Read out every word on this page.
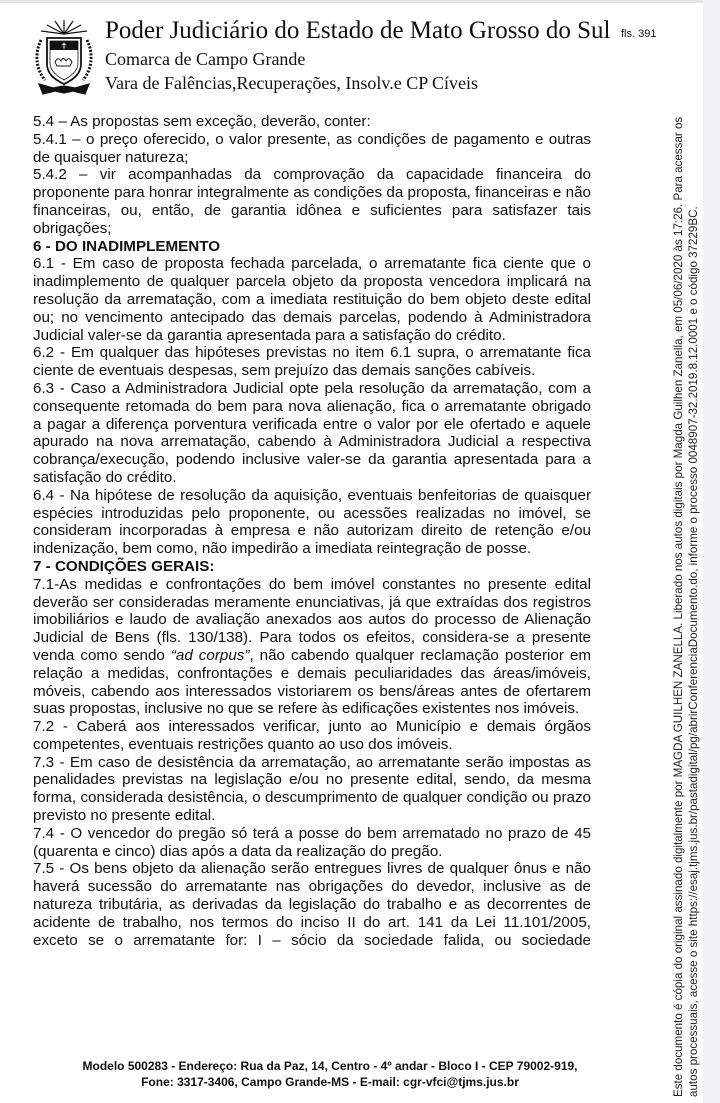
Poder Judiciário do Estado de Mato Grosso do Sul
Comarca de Campo Grande
Vara de Falências,Recuperações, Insolv.e CP Cíveis
fls. 391

5.4 – As propostas sem exceção, deverão, conter:

5.4.1 – o preço oferecido, o valor presente, as condições de pagamento e outras de quaisquer natureza;

5.4.2 – vir acompanhadas da comprovação da capacidade financeira do proponente para honrar integralmente as condições da proposta, financeiras e não financeiras, ou, então, de garantia idônea e suficientes para satisfazer tais obrigações;

6 - DO INADIMPLEMENTO

6.1 - Em caso de proposta fechada parcelada, o arrematante fica ciente que o inadimplemento de qualquer parcela objeto da proposta vencedora implicará na resolução da arrematação, com a imediata restituição do bem objeto deste edital ou; no vencimento antecipado das demais parcelas, podendo à Administradora Judicial valer-se da garantia apresentada para a satisfação do crédito.

6.2 - Em qualquer das hipóteses previstas no item 6.1 supra, o arrematante fica ciente de eventuais despesas, sem prejuízo das demais sanções cabíveis.

6.3 - Caso a Administradora Judicial opte pela resolução da arrematação, com a consequente retomada do bem para nova alienação, fica o arrematante obrigado a pagar a diferença porventura verificada entre o valor por ele ofertado e aquele apurado na nova arrematação, cabendo à Administradora Judicial a respectiva cobrança/execução, podendo inclusive valer-se da garantia apresentada para a satisfação do crédito.

6.4 - Na hipótese de resolução da aquisição, eventuais benfeitorias de quaisquer espécies introduzidas pelo proponente, ou acessões realizadas no imóvel, se consideram incorporadas à empresa e não autorizam direito de retenção e/ou indenização, bem como, não impedirão a imediata reintegração de posse.

7 - CONDIÇÕES GERAIS:

7.1-As medidas e confrontações do bem imóvel constantes no presente edital deverão ser consideradas meramente enunciativas, já que extraídas dos registros imobiliários e laudo de avaliação anexados aos autos do processo de Alienação Judicial de Bens (fls. 130/138). Para todos os efeitos, considera-se a presente venda como sendo “ad corpus”, não cabendo qualquer reclamação posterior em relação a medidas, confrontações e demais peculiaridades das áreas/imóveis, móveis, cabendo aos interessados vistoriarem os bens/áreas antes de ofertarem suas propostas, inclusive no que se refere às edificações existentes nos imóveis.

7.2 - Caberá aos interessados verificar, junto ao Município e demais órgãos competentes, eventuais restrições quanto ao uso dos imóveis.

7.3 - Em caso de desistência da arrematação, ao arrematante serão impostas as penalidades previstas na legislação e/ou no presente edital, sendo, da mesma forma, considerada desistência, o descumprimento de qualquer condição ou prazo previsto no presente edital.

7.4 - O vencedor do pregão só terá a posse do bem arrematado no prazo de 45 (quarenta e cinco) dias após a data da realização do pregão.

7.5 - Os bens objeto da alienação serão entregues livres de qualquer ônus e não haverá sucessão do arrematante nas obrigações do devedor, inclusive as de natureza tributária, as derivadas da legislação do trabalho e as decorrentes de acidente de trabalho, nos termos do inciso II do art. 141 da Lei 11.101/2005, exceto se o arrematante for: I – sócio da sociedade falida, ou sociedade

Modelo 500283 - Endereço: Rua da Paz, 14, Centro - 4º andar - Bloco I - CEP 79002-919,
Fone: 3317-3406, Campo Grande-MS - E-mail: cgr-vfci@tjms.jus.br	Este documento é cópia do original assinado digitalmente por MAGDA GUILHEN ZANELLA. Liberado nos autos digitais por Magda Guilhen Zanella, em 05/06/2020 às 17:26. Para acessar os autos processuais, acesse o site https://esaj.tjms.jus.br/pastadigital/pg/abrirConferenciaDocumento.do, informe o processo 0048907-32.2019.8.12.0001 e o código 37229BC.
